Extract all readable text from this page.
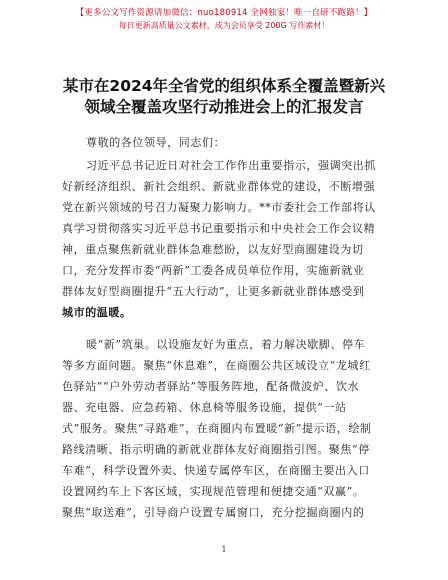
【更多公文写作资源请加微信：nuo180914 全网独家！唯一自研不跑路！】
每日更新高质量公文素材，成为会员享受 200G 写作素材！
某市在2024年全省党的组织体系全覆盖暨新兴
领域全覆盖攻坚行动推进会上的汇报发言
尊敬的各位领导，同志们：
习近平总书记近日对社会工作作出重要指示，强调突出抓
好新经济组织、新社会组织、新就业群体党的建设，不断增强
党在新兴领域的号召力凝聚力影响力。**市委社会工作部将认
真学习贯彻落实习近平总书记重要指示和中央社会工作会议精
神，重点聚焦新就业群体急难愁盼，以友好型商圈建设为切
口，充分发挥市委“两新”工委各成员单位作用，实施新就业
群体友好型商圈提升“五大行动”，让更多新就业群体感受到
城市的温暖。
暖“新”筑巢。以设施友好为重点，着力解决歇脚、停车
等多方面问题。聚焦“休息难”，在商圈公共区域设立“龙城红
色驿站”“户外劳动者驿站”等服务阵地，配备微波炉、饮水
器、充电器、应急药箱、休息椅等服务设施，提供“一站
式”服务。聚焦“寻路难”，在商圈内布置暖“新”提示语，绘制
路线清晰、指示明确的新就业群体友好商圈指引图。聚焦“停
车难”，科学设置外卖、快递专属停车区，在商圈主要出入口
设置网约车上下客区域，实现规范管理和便捷交通“双赢”。
聚焦“取送难”，引导商户设置专属窗口，充分挖掘商圈内的
1
